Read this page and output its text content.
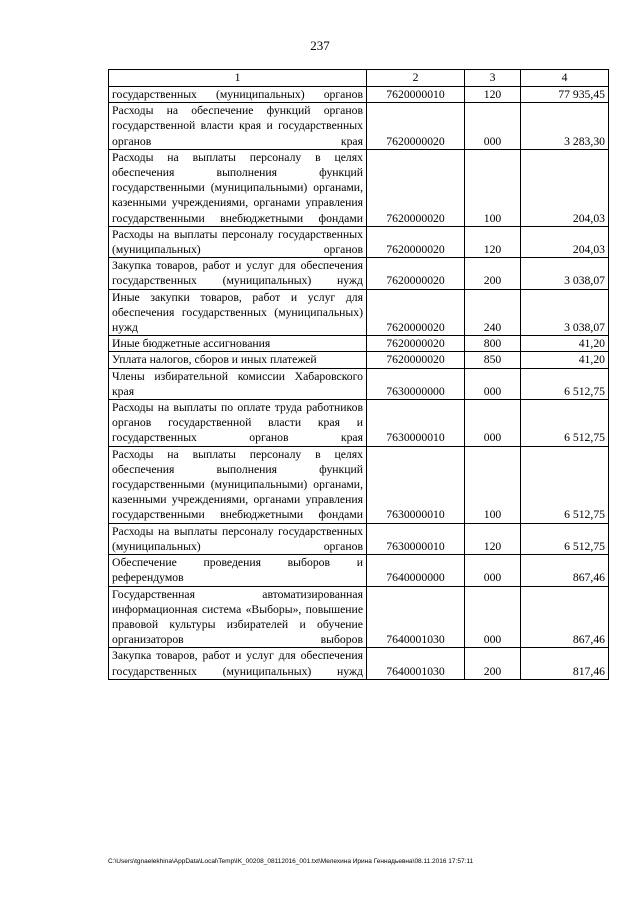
237
1	2	3	4
государственных (муниципальных) органов	7620000010	120	77 935,45
Расходы на обеспечение функций органов государственной власти края и государственных органов края	7620000020	000	3 283,30
Расходы на выплаты персоналу в целях обеспечения выполнения функций государственными (муниципальными) органами, казенными учреждениями, органами управления государственными внебюджетными фондами	7620000020	100	204,03
Расходы на выплаты персоналу государственных (муниципальных) органов	7620000020	120	204,03
Закупка товаров, работ и услуг для обеспечения государственных (муниципальных) нужд	7620000020	200	3 038,07
Иные закупки товаров, работ и услуг для обеспечения государственных (муниципальных) нужд	7620000020	240	3 038,07
Иные бюджетные ассигнования	7620000020	800	41,20
Уплата налогов, сборов и иных платежей	7620000020	850	41,20
Члены избирательной комиссии Хабаровского края	7630000000	000	6 512,75
Расходы на выплаты по оплате труда работников органов государственной власти края и государственных органов края	7630000010	000	6 512,75
Расходы на выплаты персоналу в целях обеспечения выполнения функций государственными (муниципальными) органами, казенными учреждениями, органами управления государственными внебюджетными фондами	7630000010	100	6 512,75
Расходы на выплаты персоналу государственных (муниципальных) органов	7630000010	120	6 512,75
Обеспечение проведения выборов и референдумов	7640000000	000	867,46
Государственная автоматизированная информационная система «Выборы», повышение правовой культуры избирателей и обучение организаторов выборов	7640001030	000	867,46
Закупка товаров, работ и услуг для обеспечения государственных (муниципальных) нужд	7640001030	200	817,46
C:\Users\tgnaelekhina\AppData\Local\Temp\IK_00208_08112016_001.txt\Мелехина Ирина Геннадьевна\08.11.2016 17:57:11
